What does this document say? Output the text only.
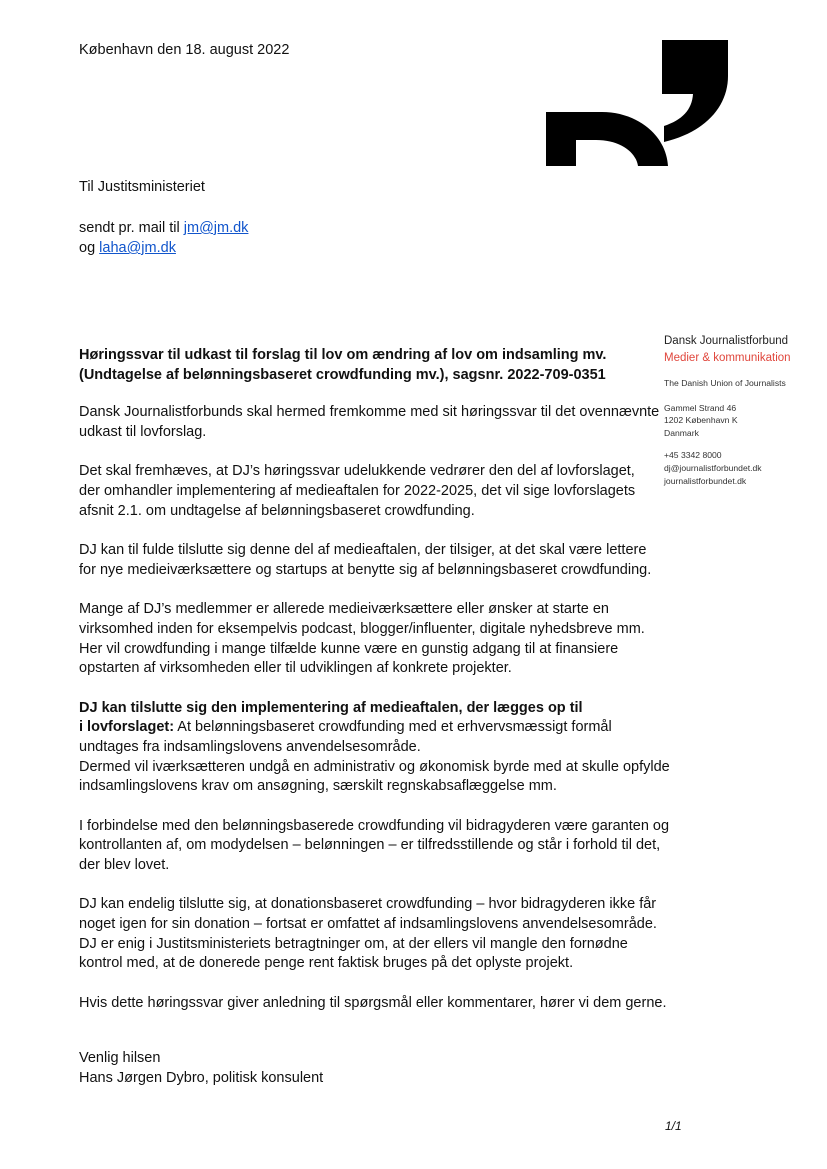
København den 18. august 2022
Til Justitsministeriet
sendt pr. mail til jm@jm.dk
og laha@jm.dk
Dansk Journalistforbund
Medier & kommunikation
The Danish Union of Journalists
Gammel Strand 46
1202 København K
Danmark
+45 3342 8000
dj@journalistforbundet.dk
journalistforbundet.dk

Høringssvar til udkast til forslag til lov om ændring af lov om indsamling mv.
(Undtagelse af belønningsbaseret crowdfunding mv.), sagsnr. 2022-709-0351

Dansk Journalistforbunds skal hermed fremkomme med sit høringssvar til det ovennævnte
udkast til lovforslag.

Det skal fremhæves, at DJ’s høringssvar udelukkende vedrører den del af lovforslaget,
der omhandler implementering af medieaftalen for 2022-2025, det vil sige lovforslagets
afsnit 2.1. om undtagelse af belønningsbaseret crowdfunding.

DJ kan til fulde tilslutte sig denne del af medieaftalen, der tilsiger, at det skal være lettere
for nye medieiværksættere og startups at benytte sig af belønningsbaseret crowdfunding.

Mange af DJ’s medlemmer er allerede medieiværksættere eller ønsker at starte en
virksomhed inden for eksempelvis podcast, blogger/influenter, digitale nyhedsbreve mm.
Her vil crowdfunding i mange tilfælde kunne være en gunstig adgang til at finansiere
opstarten af virksomheden eller til udviklingen af konkrete projekter.

DJ kan tilslutte sig den implementering af medieaftalen, der lægges op til
i lovforslaget: At belønningsbaseret crowdfunding med et erhvervsmæssigt formål
undtages fra indsamlingslovens anvendelsesområde.
Dermed vil iværksætteren undgå en administrativ og økonomisk byrde med at skulle opfylde
indsamlingslovens krav om ansøgning, særskilt regnskabsaflæggelse mm.

I forbindelse med den belønningsbaserede crowdfunding vil bidragyderen være garanten og
kontrollanten af, om modydelsen – belønningen – er tilfredsstillende og står i forhold til det,
der blev lovet.

DJ kan endelig tilslutte sig, at donationsbaseret crowdfunding – hvor bidragyderen ikke får
noget igen for sin donation – fortsat er omfattet af indsamlingslovens anvendelsesområde.
DJ er enig i Justitsministeriets betragtninger om, at der ellers vil mangle den fornødne
kontrol med, at de donerede penge rent faktisk bruges på det oplyste projekt.

Hvis dette høringssvar giver anledning til spørgsmål eller kommentarer, hører vi dem gerne.

Venlig hilsen
Hans Jørgen Dybro, politisk konsulent
1/1
